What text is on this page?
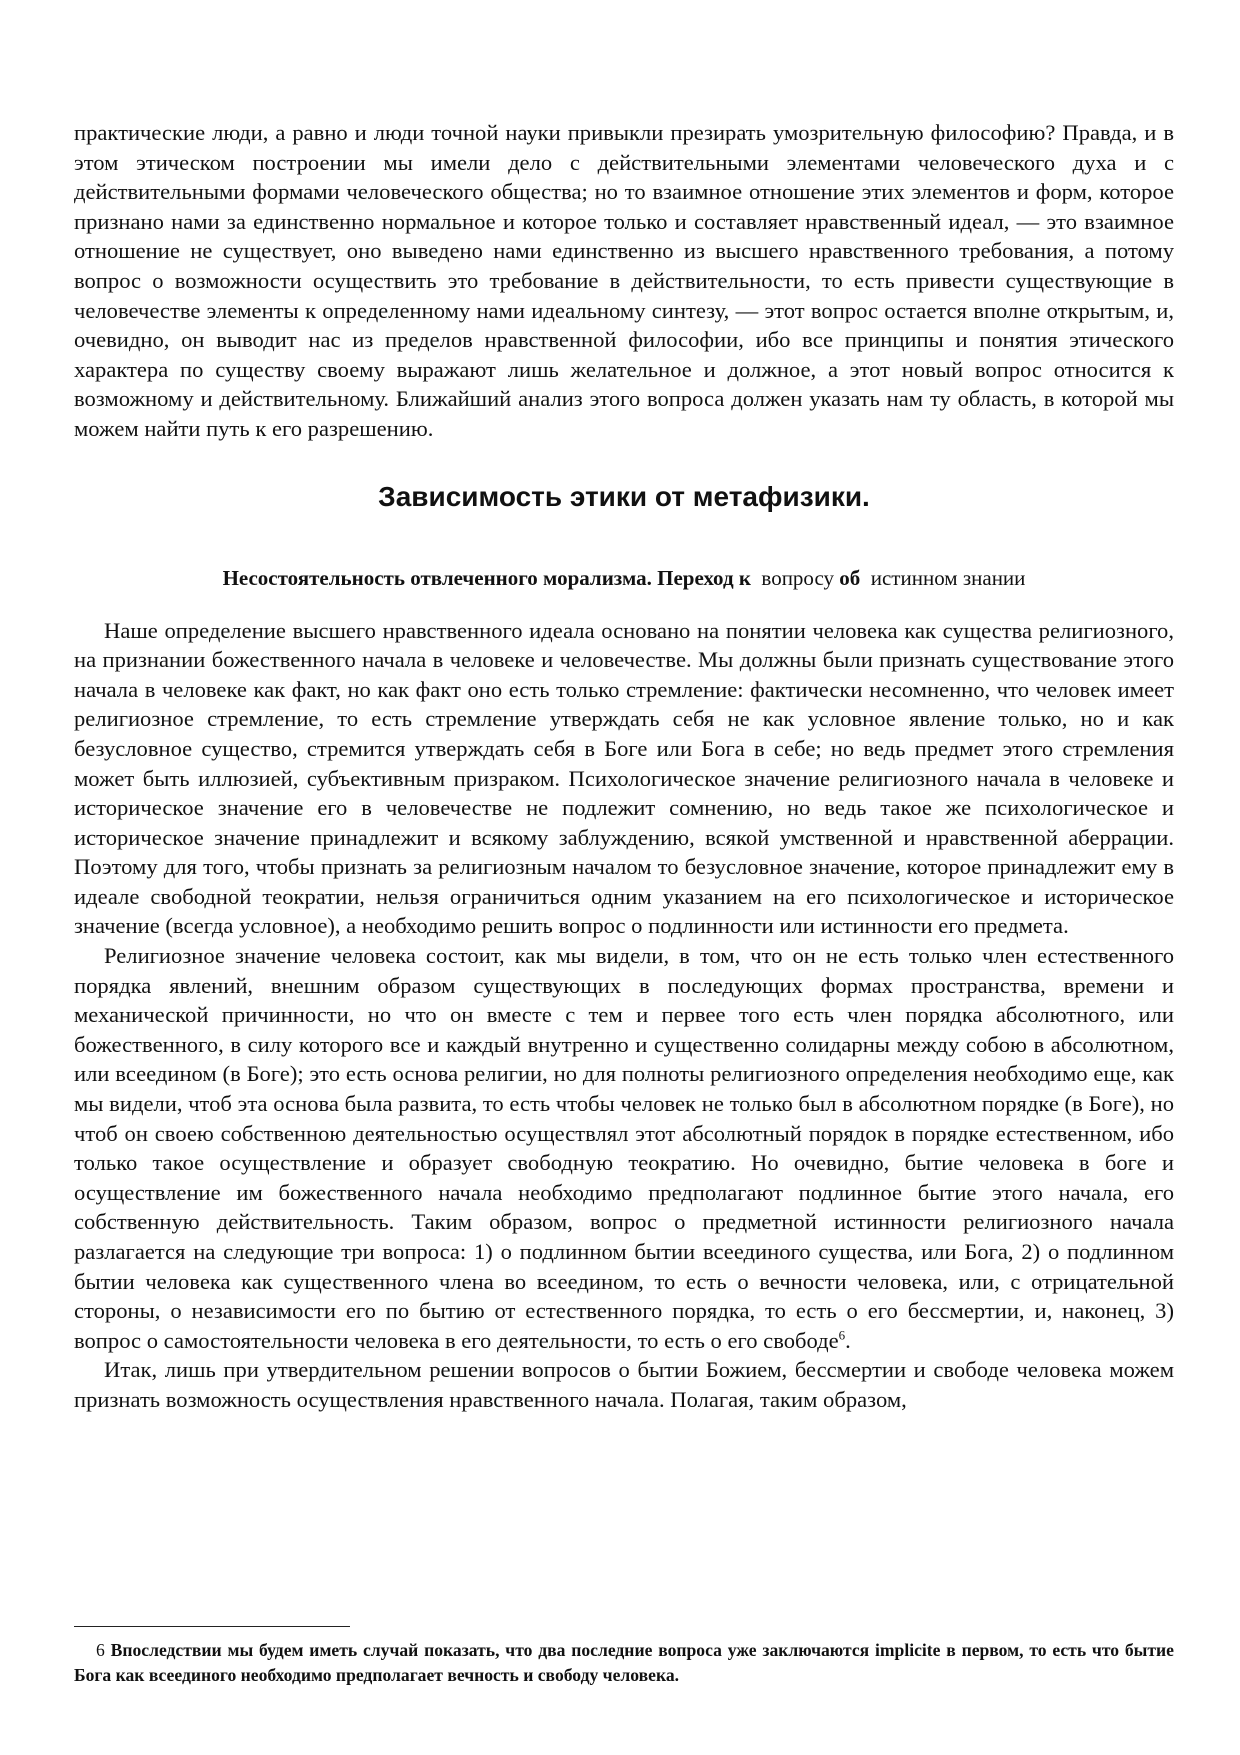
практические люди, а равно и люди точной науки привыкли презирать умозрительную философию? Правда, и в этом этическом построении мы имели дело с действительными элементами человеческого духа и с действительными формами человеческого общества; но то взаимное отношение этих элементов и форм, которое признано нами за единственно нормальное и которое только и составляет нравственный идеал, — это взаимное отношение не существует, оно выведено нами единственно из высшего нравственного требования, а потому вопрос о возможности осуществить это требование в действительности, то есть привести существующие в человечестве элементы к определенному нами идеальному синтезу, — этот вопрос остается вполне открытым, и, очевидно, он выводит нас из пределов нравственной философии, ибо все принципы и понятия этического характера по существу своему выражают лишь желательное и должное, а этот новый вопрос относится к возможному и действительному. Ближайший анализ этого вопроса должен указать нам ту область, в которой мы можем найти путь к его разрешению.

Зависимость этики от метафизики.

Несостоятельность отвлеченного морализма. Переход к вопросу об истинном знании

Наше определение высшего нравственного идеала основано на понятии человека как существа религиозного, на признании божественного начала в человеке и человечестве. Мы должны были признать существование этого начала в человеке как факт, но как факт оно есть только стремление: фактически несомненно, что человек имеет религиозное стремление, то есть стремление утверждать себя не как условное явление только, но и как безусловное существо, стремится утверждать себя в Боге или Бога в себе; но ведь предмет этого стремления может быть иллюзией, субъективным призраком. Психологическое значение религиозного начала в человеке и историческое значение его в человечестве не подлежит сомнению, но ведь такое же психологическое и историческое значение принадлежит и всякому заблуждению, всякой умственной и нравственной аберрации. Поэтому для того, чтобы признать за религиозным началом то безусловное значение, которое принадлежит ему в идеале свободной теократии, нельзя ограничиться одним указанием на его психологическое и историческое значение (всегда условное), а необходимо решить вопрос о подлинности или истинности его предмета.

Религиозное значение человека состоит, как мы видели, в том, что он не есть только член естественного порядка явлений, внешним образом существующих в последующих формах пространства, времени и механической причинности, но что он вместе с тем и первее того есть член порядка абсолютного, или божественного, в силу которого все и каждый внутренно и существенно солидарны между собою в абсолютном, или всеедином (в Боге); это есть основа религии, но для полноты религиозного определения необходимо еще, как мы видели, чтоб эта основа была развита, то есть чтобы человек не только был в абсолютном порядке (в Боге), но чтоб он своею собственною деятельностью осуществлял этот абсолютный порядок в порядке естественном, ибо только такое осуществление и образует свободную теократию. Но очевидно, бытие человека в боге и осуществление им божественного начала необходимо предполагают подлинное бытие этого начала, его собственную действительность. Таким образом, вопрос о предметной истинности религиозного начала разлагается на следующие три вопроса: 1) о подлинном бытии всеединого существа, или Бога, 2) о подлинном бытии человека как существенного члена во всеедином, то есть о вечности человека, или, с отрицательной стороны, о независимости его по бытию от естественного порядка, то есть о его бессмертии, и, наконец, 3) вопрос о самостоятельности человека в его деятельности, то есть о его свободе$^6$.

Итак, лишь при утвердительном решении вопросов о бытии Божием, бессмертии и свободе человека можем признать возможность осуществления нравственного начала. Полагая, таким образом,

6 Впоследствии мы будем иметь случай показать, что два последние вопроса уже заключаются implicite в первом, то есть что бытие Бога как всеединого необходимо предполагает вечность и свободу человека.
